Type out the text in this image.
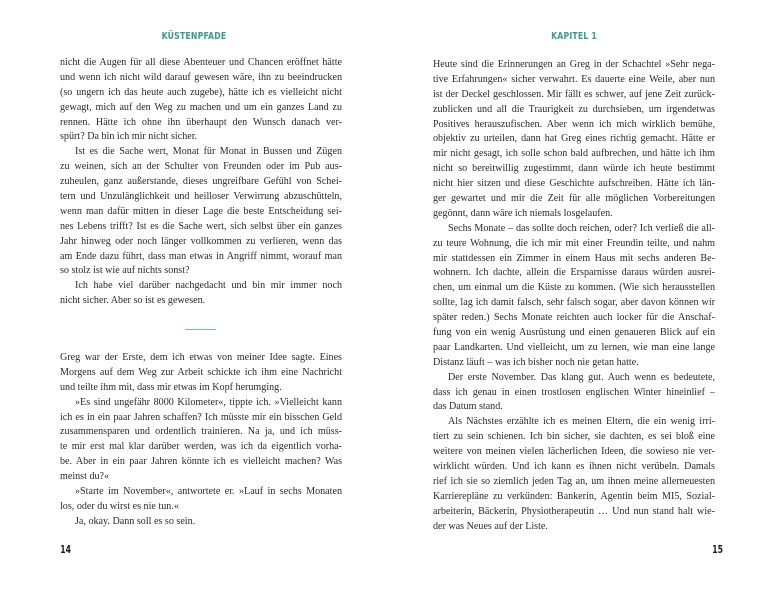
KÜSTENPFADE
nicht die Augen für all diese Abenteuer und Chancen eröffnet hätte
und wenn ich nicht wild darauf gewesen wäre, ihn zu beeindrucken
(so ungern ich das heute auch zugebe), hätte ich es vielleicht nicht
gewagt, mich auf den Weg zu machen und um ein ganzes Land zu
rennen. Hätte ich ohne ihn überhaupt den Wunsch danach ver-
spürt? Da bin ich mir nicht sicher.
Ist es die Sache wert, Monat für Monat in Bussen und Zügen
zu weinen, sich an der Schulter von Freunden oder im Pub aus-
zuheulen, ganz außerstande, dieses ungreifbare Gefühl von Schei-
tern und Unzulänglichkeit und heilloser Verwirrung abzuschütteln,
wenn man dafür mitten in dieser Lage die beste Entscheidung sei-
nes Lebens trifft? Ist es die Sache wert, sich selbst über ein ganzes
Jahr hinweg oder noch länger vollkommen zu verlieren, wenn das
am Ende dazu führt, dass man etwas in Angriff nimmt, worauf man
so stolz ist wie auf nichts sonst?
Ich habe viel darüber nachgedacht und bin mir immer noch
nicht sicher. Aber so ist es gewesen.
Greg war der Erste, dem ich etwas von meiner Idee sagte. Eines
Morgens auf dem Weg zur Arbeit schickte ich ihm eine Nachricht
und teilte ihm mit, dass mir etwas im Kopf herumging.
»Es sind ungefähr 8000 Kilometer«, tippte ich. »Vielleicht kann
ich es in ein paar Jahren schaffen? Ich müsste mir ein bisschen Geld
zusammensparen und ordentlich trainieren. Na ja, und ich müss-
te mir erst mal klar darüber werden, was ich da eigentlich vorha-
be. Aber in ein paar Jahren könnte ich es vielleicht machen? Was
meinst du?«
»Starte im November«, antwortete er. »Lauf in sechs Monaten
los, oder du wirst es nie tun.«
Ja, okay. Dann soll es so sein.
14
KAPITEL 1
Heute sind die Erinnerungen an Greg in der Schachtel »Sehr nega-
tive Erfahrungen« sicher verwahrt. Es dauerte eine Weile, aber nun
ist der Deckel geschlossen. Mir fällt es schwer, auf jene Zeit zurück-
zublicken und all die Traurigkeit zu durchsieben, um irgendetwas
Positives herauszufischen. Aber wenn ich mich wirklich bemühe,
objektiv zu urteilen, dann hat Greg eines richtig gemacht. Hätte er
mir nicht gesagt, ich solle schon bald aufbrechen, und hätte ich ihm
nicht so bereitwillig zugestimmt, dann würde ich heute bestimmt
nicht hier sitzen und diese Geschichte aufschreiben. Hätte ich län-
ger gewartet und mir die Zeit für alle möglichen Vorbereitungen
gegönnt, dann wäre ich niemals losgelaufen.
Sechs Monate – das sollte doch reichen, oder? Ich verließ die all-
zu teure Wohnung, die ich mir mit einer Freundin teilte, und nahm
mir stattdessen ein Zimmer in einem Haus mit sechs anderen Be-
wohnern. Ich dachte, allein die Ersparnisse daraus würden ausrei-
chen, um einmal um die Küste zu kommen. (Wie sich herausstellen
sollte, lag ich damit falsch, sehr falsch sogar, aber davon können wir
später reden.) Sechs Monate reichten auch locker für die Anschaf-
fung von ein wenig Ausrüstung und einen genaueren Blick auf ein
paar Landkarten. Und vielleicht, um zu lernen, wie man eine lange
Distanz läuft – was ich bisher noch nie getan hatte.
Der erste November. Das klang gut. Auch wenn es bedeutete,
dass ich genau in einen trostlosen englischen Winter hineinlief –
das Datum stand.
Als Nächstes erzählte ich es meinen Eltern, die ein wenig irri-
tiert zu sein schienen. Ich bin sicher, sie dachten, es sei bloß eine
weitere von meinen vielen lächerlichen Ideen, die sowieso nie ver-
wirklicht würden. Und ich kann es ihnen nicht verübeln. Damals
rief ich sie so ziemlich jeden Tag an, um ihnen meine allerneuesten
Karrierepläne zu verkünden: Bankerin, Agentin beim MI5, Sozial-
arbeiterin, Bäckerin, Physiotherapeutin … Und nun stand halt wie-
der was Neues auf der Liste.
15
